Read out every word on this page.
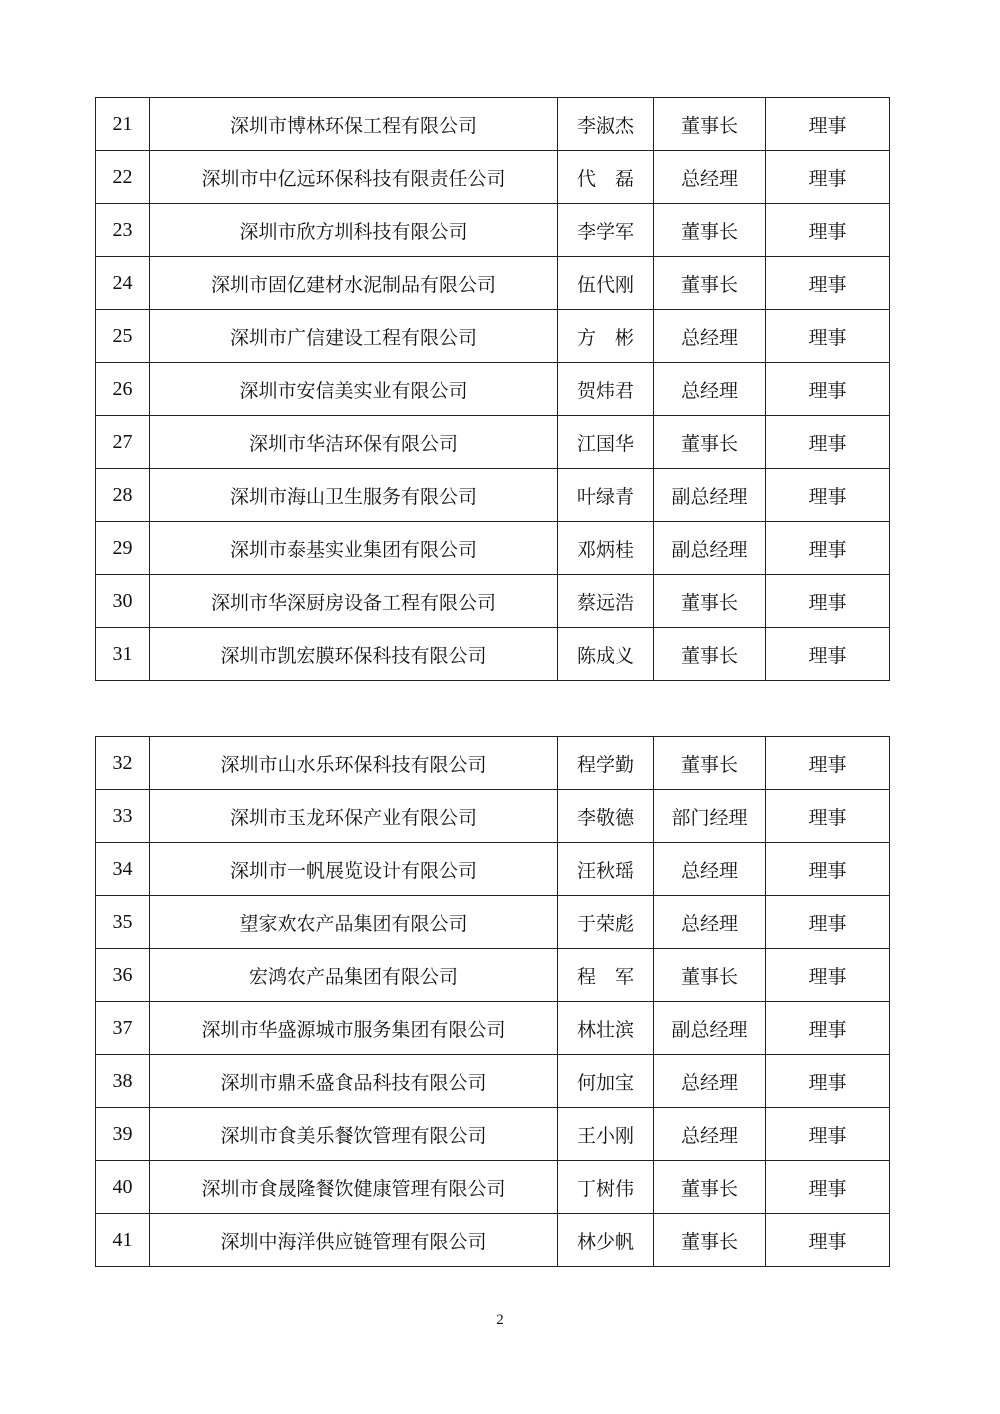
21	深圳市博林环保工程有限公司	李淑杰	董事长	理事
22	深圳市中亿远环保科技有限责任公司	代　磊	总经理	理事
23	深圳市欣方圳科技有限公司	李学军	董事长	理事
24	深圳市固亿建材水泥制品有限公司	伍代刚	董事长	理事
25	深圳市广信建设工程有限公司	方　彬	总经理	理事
26	深圳市安信美实业有限公司	贺炜君	总经理	理事
27	深圳市华洁环保有限公司	江国华	董事长	理事
28	深圳市海山卫生服务有限公司	叶绿青	副总经理	理事
29	深圳市泰基实业集团有限公司	邓炳桂	副总经理	理事
30	深圳市华深厨房设备工程有限公司	蔡远浩	董事长	理事
31	深圳市凯宏膜环保科技有限公司	陈成义	董事长	理事
32	深圳市山水乐环保科技有限公司	程学勤	董事长	理事
33	深圳市玉龙环保产业有限公司	李敬德	部门经理	理事
34	深圳市一帆展览设计有限公司	汪秋瑶	总经理	理事
35	望家欢农产品集团有限公司	于荣彪	总经理	理事
36	宏鸿农产品集团有限公司	程　军	董事长	理事
37	深圳市华盛源城市服务集团有限公司	林壮滨	副总经理	理事
38	深圳市鼎禾盛食品科技有限公司	何加宝	总经理	理事
39	深圳市食美乐餐饮管理有限公司	王小刚	总经理	理事
40	深圳市食晟隆餐饮健康管理有限公司	丁树伟	董事长	理事
41	深圳中海洋供应链管理有限公司	林少帆	董事长	理事
2
